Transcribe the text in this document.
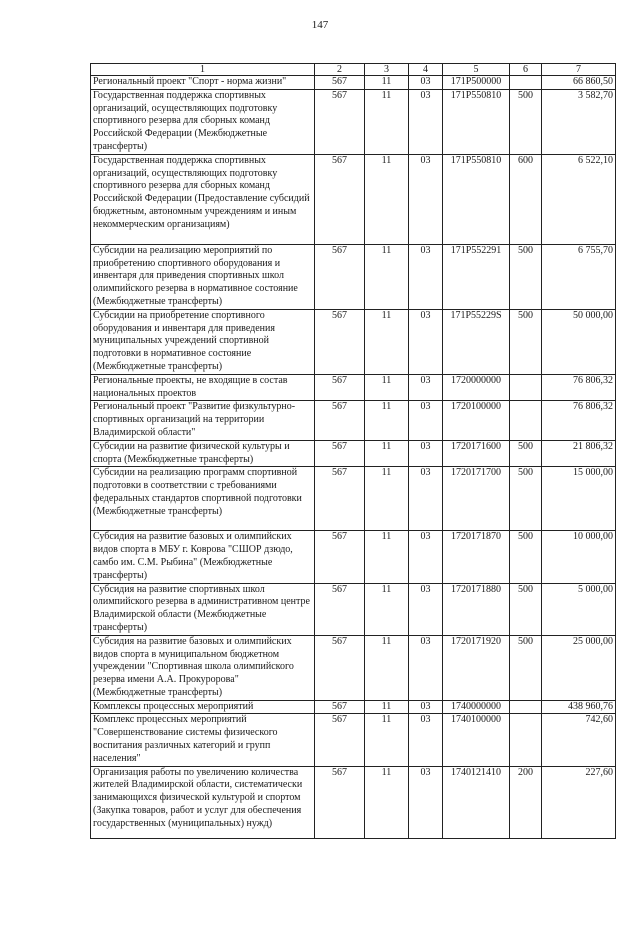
147
1	2	3	4	5	6	7
Региональный проект "Спорт - норма жизни"	567	11	03	171P500000		66 860,50
Государственная поддержка спортивных организаций, осуществляющих подготовку спортивного резерва для сборных команд Российской Федерации (Межбюджетные трансферты)	567	11	03	171P550810	500	3 582,70
Государственная поддержка спортивных организаций, осуществляющих подготовку спортивного резерва для сборных команд Российской Федерации (Предоставление субсидий бюджетным, автономным учреждениям и иным некоммерческим организациям)	567	11	03	171P550810	600	6 522,10
Субсидии на реализацию мероприятий по приобретению спортивного оборудования и инвентаря для приведения спортивных школ олимпийского резерва в нормативное состояние (Межбюджетные трансферты)	567	11	03	171P552291	500	6 755,70
Субсидии на приобретение спортивного оборудования и инвентаря для приведения муниципальных учреждений спортивной подготовки в нормативное состояние (Межбюджетные трансферты)	567	11	03	171P55229S	500	50 000,00
Региональные проекты, не входящие в состав национальных проектов	567	11	03	1720000000		76 806,32
Региональный проект "Развитие физкультурно-спортивных организаций на территории Владимирской области"	567	11	03	1720100000		76 806,32
Субсидии на развитие физической культуры и спорта (Межбюджетные трансферты)	567	11	03	1720171600	500	21 806,32
Субсидии на реализацию программ спортивной подготовки в соответствии с требованиями федеральных стандартов спортивной подготовки (Межбюджетные трансферты)	567	11	03	1720171700	500	15 000,00
Субсидия на развитие базовых и олимпийских видов спорта в МБУ г. Коврова "СШОР дзюдо, самбо им. С.М. Рыбина" (Межбюджетные трансферты)	567	11	03	1720171870	500	10 000,00
Субсидия на развитие спортивных школ олимпийского резерва в административном центре Владимирской области (Межбюджетные трансферты)	567	11	03	1720171880	500	5 000,00
Субсидия на развитие базовых и олимпийских видов спорта в муниципальном бюджетном учреждении "Спортивная школа олимпийского резерва имени А.А. Прокуророва" (Межбюджетные трансферты)	567	11	03	1720171920	500	25 000,00
Комплексы процессных мероприятий	567	11	03	1740000000		438 960,76
Комплекс процессных мероприятий "Совершенствование системы физического воспитания различных категорий и групп населения"	567	11	03	1740100000		742,60
Организация работы по увеличению количества жителей Владимирской области, систематически занимающихся физической культурой и спортом (Закупка товаров, работ и услуг для обеспечения государственных (муниципальных) нужд)	567	11	03	1740121410	200	227,60
